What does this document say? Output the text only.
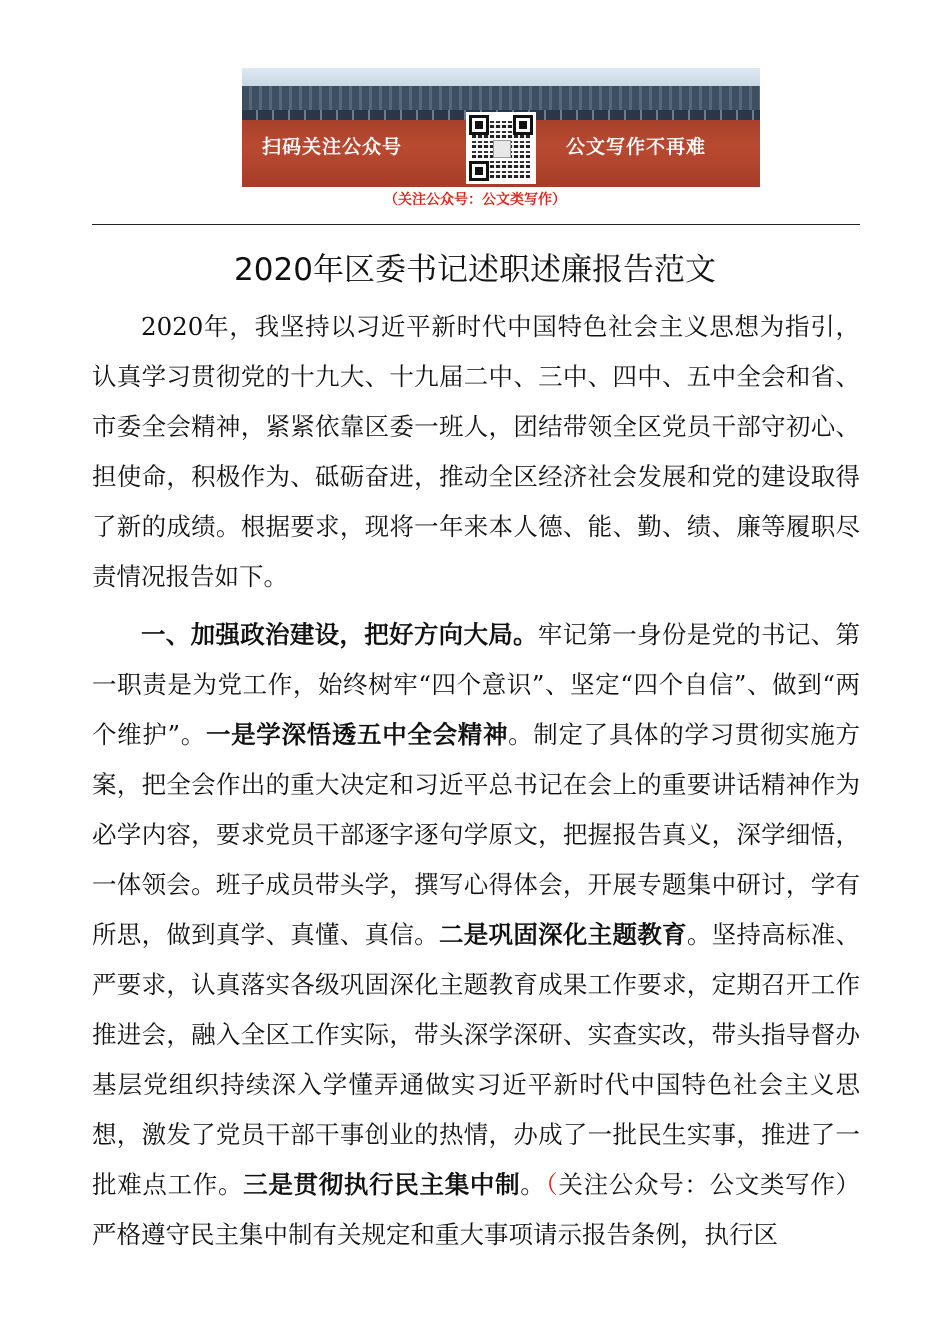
扫码关注公众号	公文写作不再难
（关注公众号：公文类写作）
2020年区委书记述职述廉报告范文

2020年，我坚持以习近平新时代中国特色社会主义思想为指引，认真学习贯彻党的十九大、十九届二中、三中、四中、五中全会和省、市委全会精神，紧紧依靠区委一班人，团结带领全区党员干部守初心、担使命，积极作为、砥砺奋进，推动全区经济社会发展和党的建设取得了新的成绩。根据要求，现将一年来本人德、能、勤、绩、廉等履职尽责情况报告如下。

一、加强政治建设，把好方向大局。牢记第一身份是党的书记、第一职责是为党工作，始终树牢“四个意识”、坚定“四个自信”、做到“两个维护”。一是学深悟透五中全会精神。制定了具体的学习贯彻实施方案，把全会作出的重大决定和习近平总书记在会上的重要讲话精神作为必学内容，要求党员干部逐字逐句学原文，把握报告真义，深学细悟，一体领会。班子成员带头学，撰写心得体会，开展专题集中研讨，学有所思，做到真学、真懂、真信。二是巩固深化主题教育。坚持高标准、严要求，认真落实各级巩固深化主题教育成果工作要求，定期召开工作推进会，融入全区工作实际，带头深学深研、实查实改，带头指导督办基层党组织持续深入学懂弄通做实习近平新时代中国特色社会主义思想，激发了党员干部干事创业的热情，办成了一批民生实事，推进了一批难点工作。三是贯彻执行民主集中制。（关注公众号：公文类写作）严格遵守民主集中制有关规定和重大事项请示报告条例，执行区
